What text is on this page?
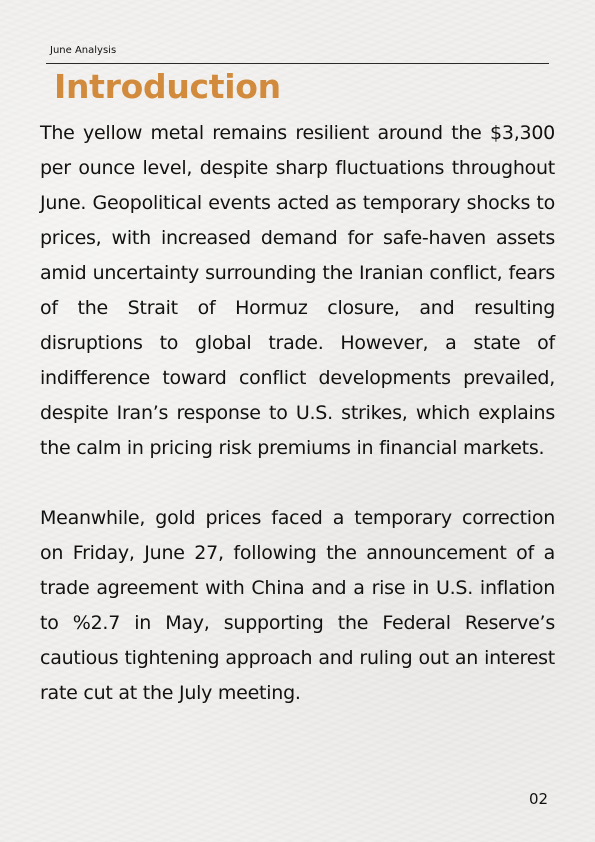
June Analysis
Introduction

The yellow metal remains resilient around the $3,300 per ounce level, despite sharp fluctuations throughout June. Geopolitical events acted as temporary shocks to prices, with increased demand for safe-haven assets amid uncertainty surrounding the Iranian conflict, fears of the Strait of Hormuz closure, and resulting disruptions to global trade. However, a state of indifference toward conflict developments prevailed, despite Iran’s response to U.S. strikes, which explains the calm in pricing risk premiums in financial markets.

Meanwhile, gold prices faced a temporary correction on Friday, June 27, following the announcement of a trade agreement with China and a rise in U.S. inflation to %2.7 in May, supporting the Federal Reserve’s cautious tightening approach and ruling out an interest rate cut at the July meeting.

02
